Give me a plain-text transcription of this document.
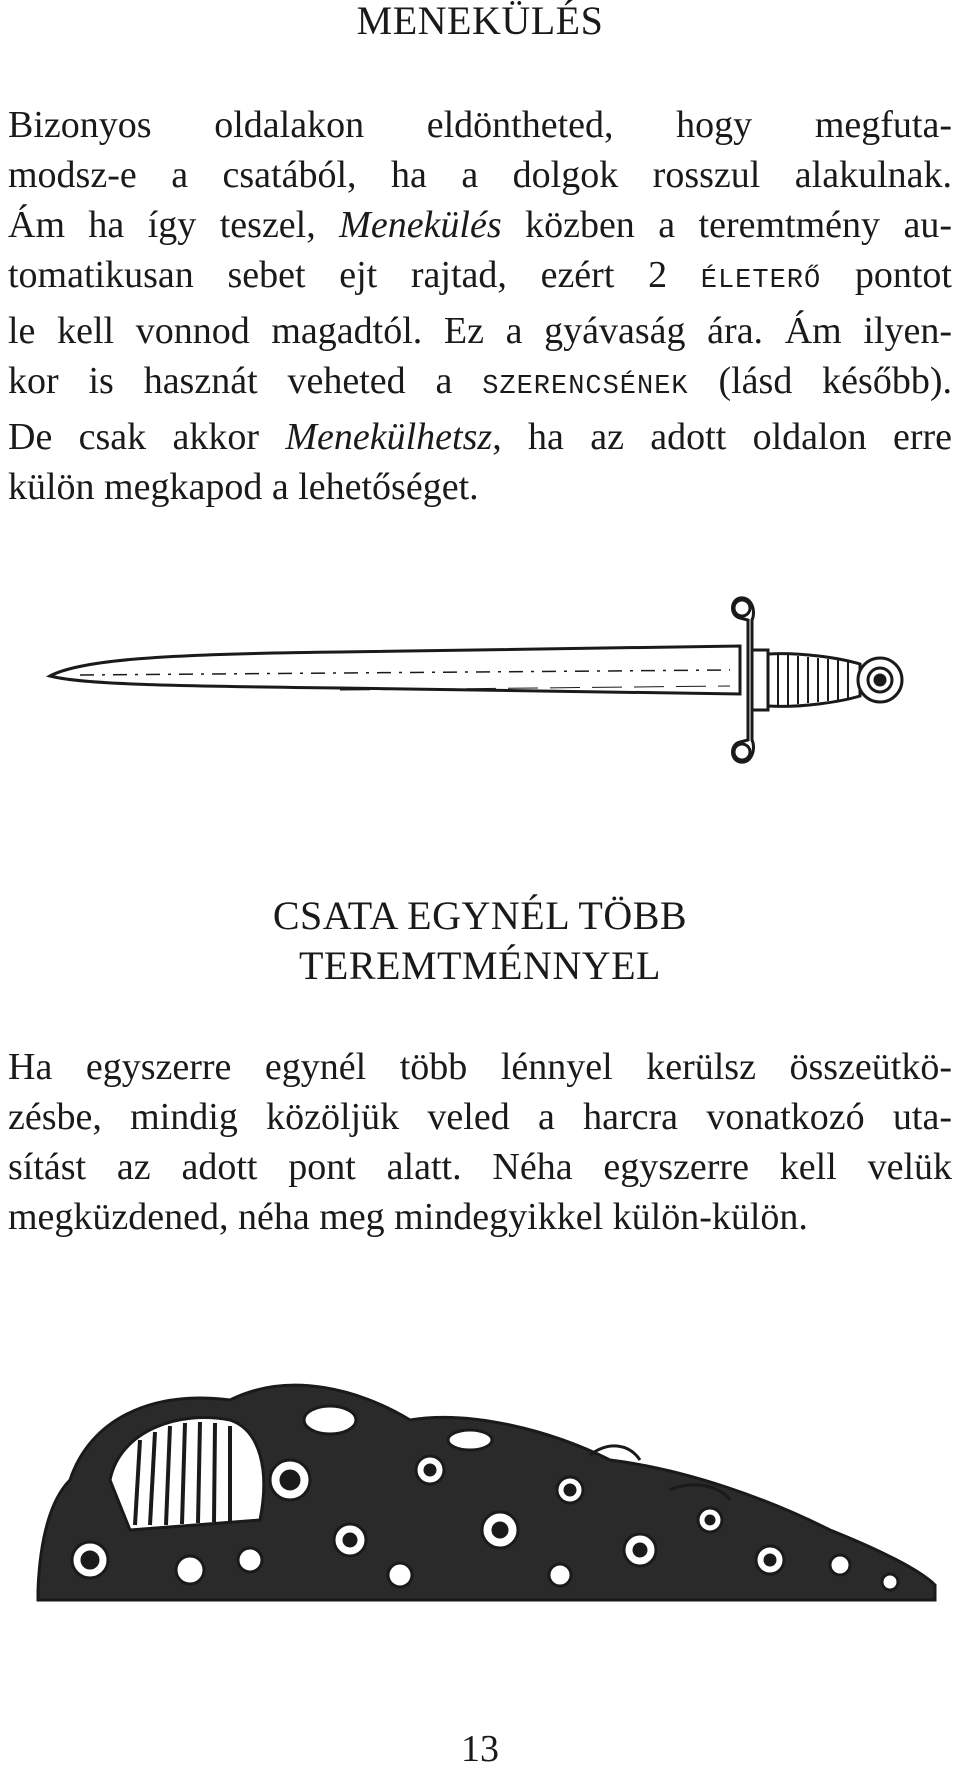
MENEKÜLÉS
Bizonyos oldalakon eldöntheted, hogy megfuta-
modsz-e a csatából, ha a dolgok rosszul alakulnak.
Ám ha így teszel, Menekülés közben a teremtmény au-
tomatikusan sebet ejt rajtad, ezért 2 ÉLETERŐ pontot
le kell vonnod magadtól. Ez a gyávaság ára. Ám ilyen-
kor is hasznát veheted a SZERENCSÉNEK (lásd később).
De csak akkor Menekülhetsz, ha az adott oldalon erre
külön megkapod a lehetőséget.
CSATA EGYNÉL TÖBB
TEREMTMÉNNYEL
Ha egyszerre egynél több lénnyel kerülsz összeütkö-
zésbe, mindig közöljük veled a harcra vonatkozó uta-
sítást az adott pont alatt. Néha egyszerre kell velük
megküzdened, néha meg mindegyikkel külön-külön.
13
